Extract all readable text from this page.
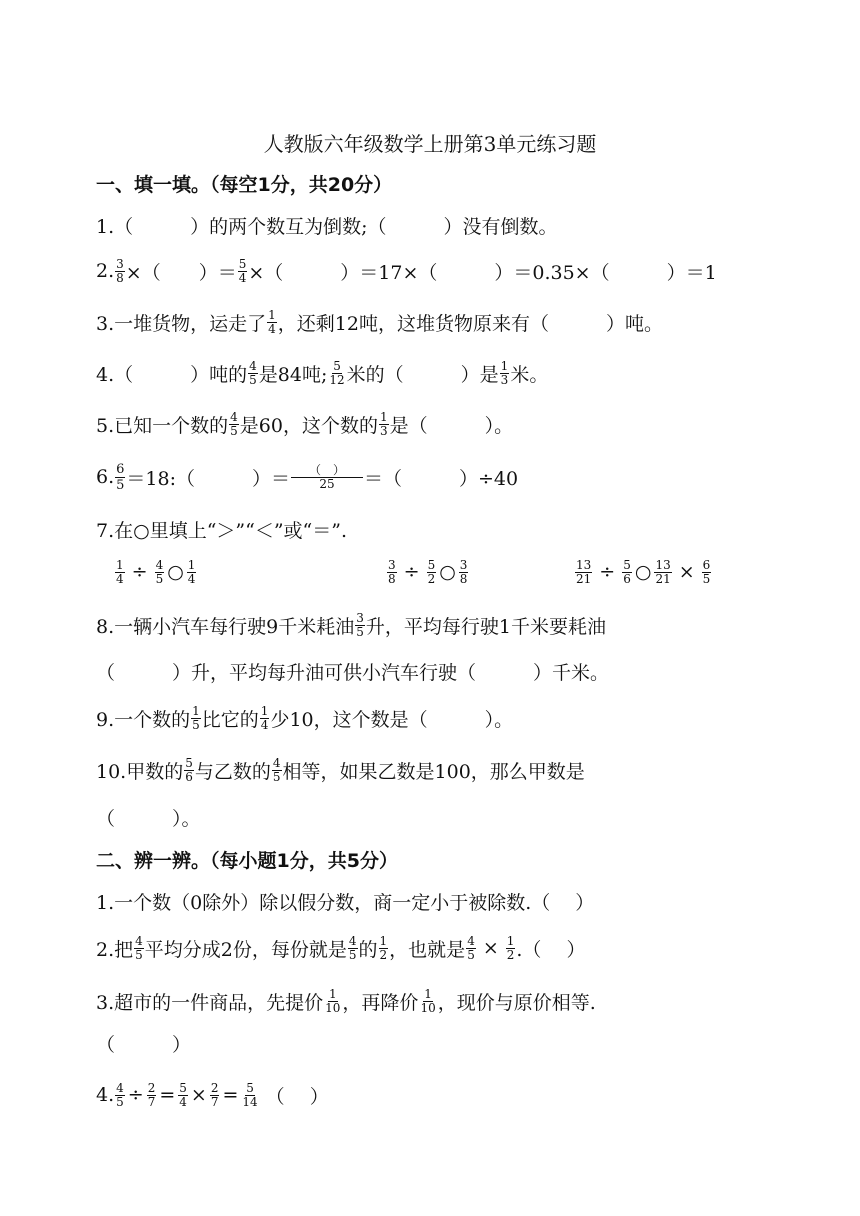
人教版六年级数学上册第3单元练习题
一、填一填。（每空1分，共20分）
1.（　　　）的两个数互为倒数;（　　　）没有倒数。
2. $\frac{3}{8}$ ×（　　）＝ $\frac{5}{4}$ ×（　　　）＝17×（　　　）＝0.35×（　　　）＝1
3.一堆货物，运走了 $\frac{1}{4}$ ，还剩12吨，这堆货物原来有（　　　）吨。
4.（　　　）吨的 $\frac{4}{5}$ 是84吨; $\frac{5}{12}$ 米的（　　　）是 $\frac{1}{3}$ 米。
5.已知一个数的 $\frac{4}{5}$ 是60，这个数的 $\frac{1}{3}$ 是（　　　）。
6. $\frac{6}{5}$ ＝18:（　　　）＝ $\frac{( )}{25}$ ＝（　　　）÷40
7.在○里填上“＞”“＜”或“＝”.
$\frac{1}{4} \div \frac{4}{5}$ ○ $\frac{1}{4}$	$\frac{3}{8} \div \frac{5}{2}$ ○ $\frac{3}{8}$	$\frac{13}{21} \div \frac{5}{6}$ ○ $\frac{13}{21} \times \frac{6}{5}$
8.一辆小汽车每行驶9千米耗油 $\frac{3}{5}$ 升，平均每行驶1千米要耗油
（　　　）升，平均每升油可供小汽车行驶（　　　）千米。
9.一个数的 $\frac{1}{5}$ 比它的 $\frac{1}{4}$ 少10，这个数是（　　　）。
10.甲数的 $\frac{5}{6}$ 与乙数的 $\frac{4}{5}$ 相等，如果乙数是100，那么甲数是
（　　　）。
二、辨一辨。（每小题1分，共5分）
1.一个数（0除外）除以假分数，商一定小于被除数.（　 ）
2.把 $\frac{4}{5}$ 平均分成2份，每份就是 $\frac{4}{5}$ 的 $\frac{1}{2}$ ，也就是 $\frac{4}{5} \times \frac{1}{2}$ .（　 ）
3.超市的一件商品，先提价 $\frac{1}{10}$ ，再降价 $\frac{1}{10}$ ，现价与原价相等.
（　　　）
4. $\frac{4}{5} \div \frac{2}{7} = \frac{5}{4} \times \frac{2}{7} = \frac{5}{14}$ （　 ）
